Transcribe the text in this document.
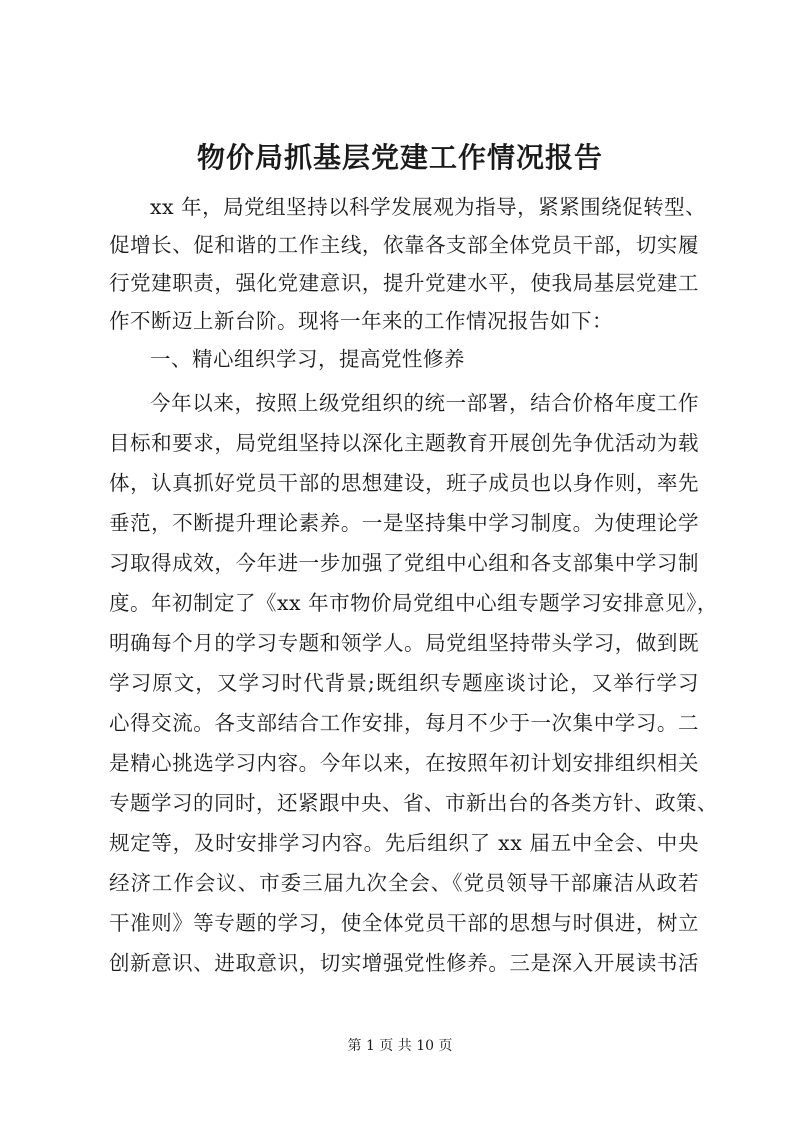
物价局抓基层党建工作情况报告
xx 年，局党组坚持以科学发展观为指导，紧紧围绕促转型、
促增长、促和谐的工作主线，依靠各支部全体党员干部，切实履
行党建职责，强化党建意识，提升党建水平，使我局基层党建工
作不断迈上新台阶。现将一年来的工作情况报告如下：
一、精心组织学习，提高党性修养
今年以来，按照上级党组织的统一部署，结合价格年度工作
目标和要求，局党组坚持以深化主题教育开展创先争优活动为载
体，认真抓好党员干部的思想建设，班子成员也以身作则，率先
垂范，不断提升理论素养。一是坚持集中学习制度。为使理论学
习取得成效，今年进一步加强了党组中心组和各支部集中学习制
度。年初制定了《xx 年市物价局党组中心组专题学习安排意见》，
明确每个月的学习专题和领学人。局党组坚持带头学习，做到既
学习原文，又学习时代背景;既组织专题座谈讨论，又举行学习
心得交流。各支部结合工作安排，每月不少于一次集中学习。二
是精心挑选学习内容。今年以来，在按照年初计划安排组织相关
专题学习的同时，还紧跟中央、省、市新出台的各类方针、政策、
规定等，及时安排学习内容。先后组织了 xx 届五中全会、中央
经济工作会议、市委三届九次全会、《党员领导干部廉洁从政若
干准则》等专题的学习，使全体党员干部的思想与时俱进，树立
创新意识、进取意识，切实增强党性修养。三是深入开展读书活
第 1 页 共 10 页
